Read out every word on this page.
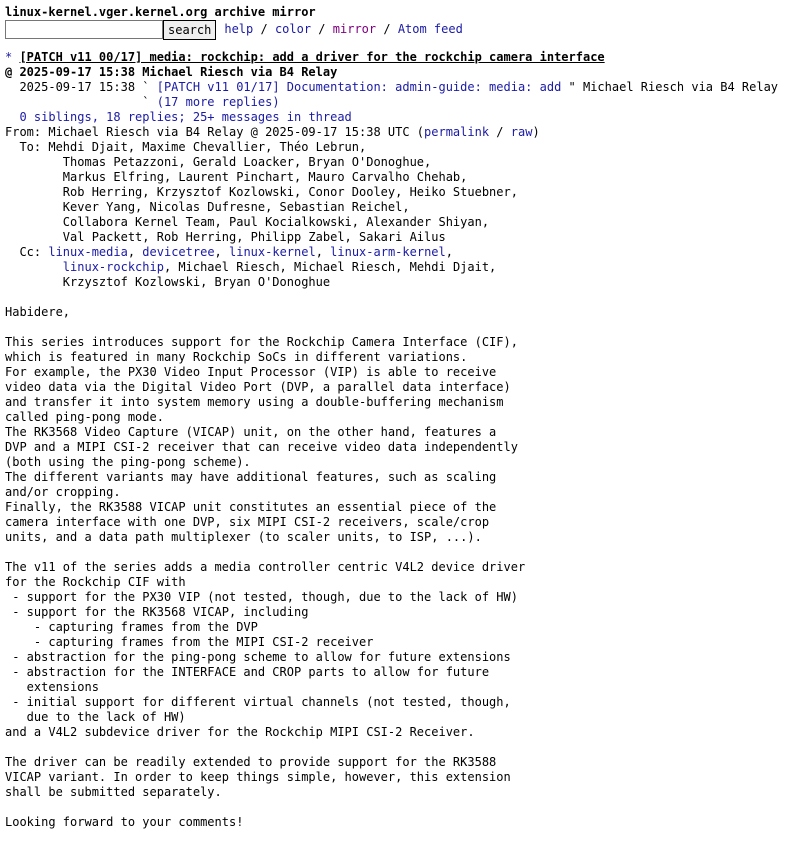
linux-kernel.vger.kernel.org archive mirror
search	help / color / mirror / Atom feed
* [PATCH v11 00/17] media: rockchip: add a driver for the rockchip camera interface
@ 2025-09-17 15:38 Michael Riesch via B4 Relay
2025-09-17 15:38 ` [PATCH v11 01/17] Documentation: admin-guide: media: add " Michael Riesch via B4 Relay
` (17 more replies)
0 siblings, 18 replies; 25+ messages in thread
From: Michael Riesch via B4 Relay @ 2025-09-17 15:38 UTC (permalink / raw)
To: Mehdi Djait, Maxime Chevallier, Théo Lebrun,
Thomas Petazzoni, Gerald Loacker, Bryan O'Donoghue,
Markus Elfring, Laurent Pinchart, Mauro Carvalho Chehab,
Rob Herring, Krzysztof Kozlowski, Conor Dooley, Heiko Stuebner,
Kever Yang, Nicolas Dufresne, Sebastian Reichel,
Collabora Kernel Team, Paul Kocialkowski, Alexander Shiyan,
Val Packett, Rob Herring, Philipp Zabel, Sakari Ailus
Cc: linux-media, devicetree, linux-kernel, linux-arm-kernel,
linux-rockchip, Michael Riesch, Michael Riesch, Mehdi Djait,
Krzysztof Kozlowski, Bryan O'Donoghue
Habidere,
This series introduces support for the Rockchip Camera Interface (CIF),
which is featured in many Rockchip SoCs in different variations.
For example, the PX30 Video Input Processor (VIP) is able to receive
video data via the Digital Video Port (DVP, a parallel data interface)
and transfer it into system memory using a double-buffering mechanism
called ping-pong mode.
The RK3568 Video Capture (VICAP) unit, on the other hand, features a
DVP and a MIPI CSI-2 receiver that can receive video data independently
(both using the ping-pong scheme).
The different variants may have additional features, such as scaling
and/or cropping.
Finally, the RK3588 VICAP unit constitutes an essential piece of the
camera interface with one DVP, six MIPI CSI-2 receivers, scale/crop
units, and a data path multiplexer (to scaler units, to ISP, ...).
The v11 of the series adds a media controller centric V4L2 device driver
for the Rockchip CIF with
- support for the PX30 VIP (not tested, though, due to the lack of HW)
- support for the RK3568 VICAP, including
- capturing frames from the DVP
- capturing frames from the MIPI CSI-2 receiver
- abstraction for the ping-pong scheme to allow for future extensions
- abstraction for the INTERFACE and CROP parts to allow for future
extensions
- initial support for different virtual channels (not tested, though,
due to the lack of HW)
and a V4L2 subdevice driver for the Rockchip MIPI CSI-2 Receiver.
The driver can be readily extended to provide support for the RK3588
VICAP variant. In order to keep things simple, however, this extension
shall be submitted separately.
Looking forward to your comments!
